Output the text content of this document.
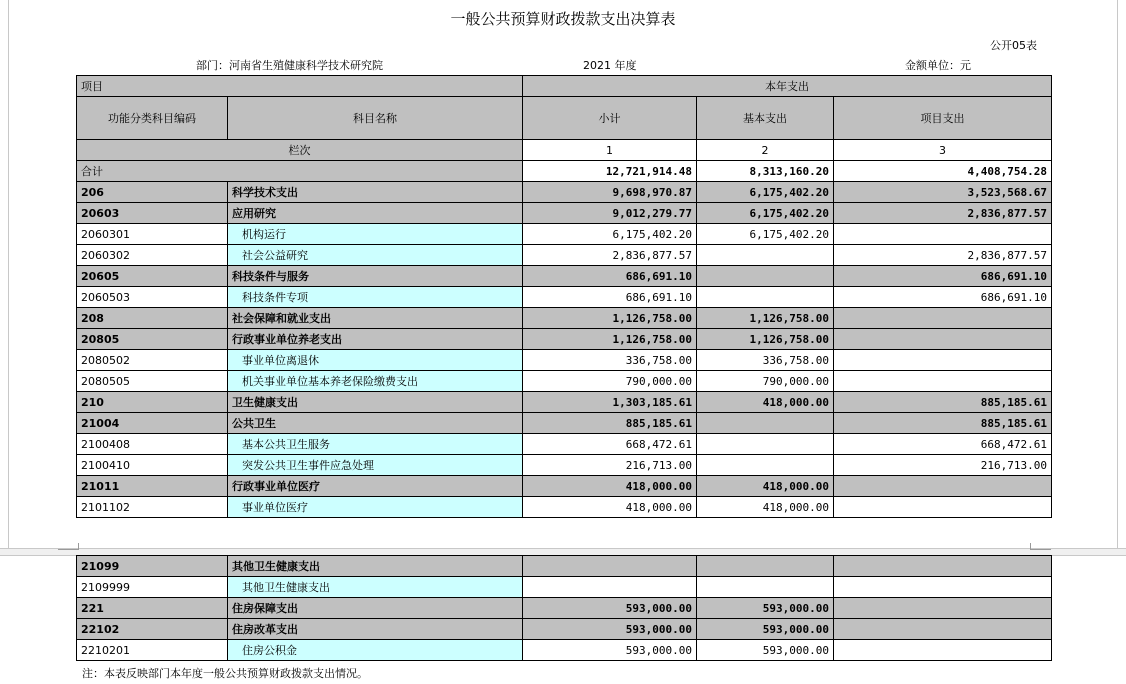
一般公共预算财政拨款支出决算表
公开05表
部门：河南省生殖健康科学技术研究院	2021 年度	金额单位：元
项目		本年支出		
功能分类科目编码	科目名称	小计	基本支出	项目支出
栏次		1	2	3
合计		12,721,914.48	8,313,160.20	4,408,754.28
206	科学技术支出	9,698,970.87	6,175,402.20	3,523,568.67
20603	应用研究	9,012,279.77	6,175,402.20	2,836,877.57
2060301	机构运行	6,175,402.20	6,175,402.20	
2060302	社会公益研究	2,836,877.57		2,836,877.57
20605	科技条件与服务	686,691.10		686,691.10
2060503	科技条件专项	686,691.10		686,691.10
208	社会保障和就业支出	1,126,758.00	1,126,758.00	
20805	行政事业单位养老支出	1,126,758.00	1,126,758.00	
2080502	事业单位离退休	336,758.00	336,758.00	
2080505	机关事业单位基本养老保险缴费支出	790,000.00	790,000.00	
210	卫生健康支出	1,303,185.61	418,000.00	885,185.61
21004	公共卫生	885,185.61		885,185.61
2100408	基本公共卫生服务	668,472.61		668,472.61
2100410	突发公共卫生事件应急处理	216,713.00		216,713.00
21011	行政事业单位医疗	418,000.00	418,000.00	
2101102	事业单位医疗	418,000.00	418,000.00	
21099	其他卫生健康支出			
2109999	其他卫生健康支出			
221	住房保障支出	593,000.00	593,000.00	
22102	住房改革支出	593,000.00	593,000.00	
2210201	住房公积金	593,000.00	593,000.00	
注：本表反映部门本年度一般公共预算财政拨款支出情况。
